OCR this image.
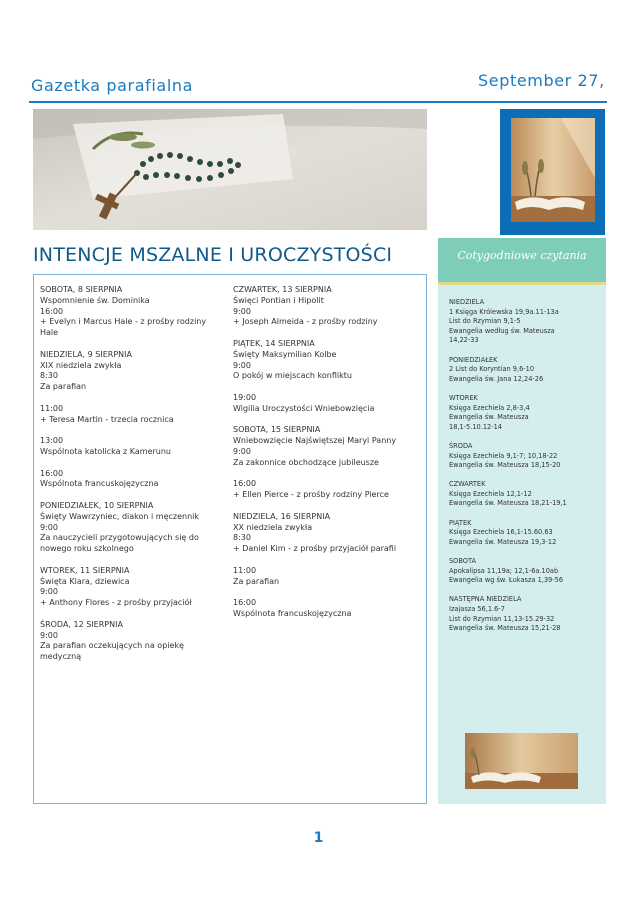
Gazetka parafialna	September 27,
INTENCJE MSZALNE I UROCZYSTOŚCI
SOBOTA, 8 SIERPNIA
Wspomnienie św. Dominika
16:00
+ Evelyn i Marcus Hale - z prośby rodziny Hale
NIEDZIELA, 9 SIERPNIA
XIX niedziela zwykła
8:30
Za parafian
11:00
+ Teresa Martin - trzecia rocznica
13:00
Wspólnota katolicka z Kamerunu
16:00
Wspólnota francuskojęzyczna
PONIEDZIAŁEK, 10 SIERPNIA
Święty Wawrzyniec, diakon i męczennik
9:00
Za nauczycieli przygotowujących się do nowego roku szkolnego
WTOREK, 11 SIERPNIA
Święta Klara, dziewica
9:00
+ Anthony Flores - z prośby przyjaciół
ŚRODA, 12 SIERPNIA
9:00
Za parafian oczekujących na opiekę medyczną
CZWARTEK, 13 SIERPNIA
Święci Pontian i Hipolit
9:00
+ Joseph Almeida - z prośby rodziny
PIĄTEK, 14 SIERPNIA
Święty Maksymilian Kolbe
9:00
O pokój w miejscach konfliktu
19:00
Wigilia Uroczystości Wniebowzięcia
SOBOTA, 15 SIERPNIA
Wniebowzięcie Najświętszej Maryi Panny
9:00
Za zakonnice obchodzące jubileusze
16:00
+ Ellen Pierce - z prośby rodziny Pierce
NIEDZIELA, 16 SIERPNIA
XX niedziela zwykła
8:30
+ Daniel Kim - z prośby przyjaciół parafii
11:00
Za parafian
16:00
Wspólnota francuskojęzyczna
Cotygodniowe czytania
NIEDZIELA
1 Księga Królewska 19,9a.11-13a
List do Rzymian 9,1-5
Ewangelia według św. Mateusza
14,22-33
PONIEDZIAŁEK
2 List do Koryntian 9,6-10
Ewangelia św. Jana 12,24-26
WTOREK
Księga Ezechiela 2,8-3,4
Ewangelia św. Mateusza
18,1-5.10.12-14
ŚRODA
Księga Ezechiela 9,1-7; 10,18-22
Ewangelia św. Mateusza 18,15-20
CZWARTEK
Księga Ezechiela 12,1-12
Ewangelia św. Mateusza 18,21-19,1
PIĄTEK
Księga Ezechiela 16,1-15.60.63
Ewangelia św. Mateusza 19,3-12
SOBOTA
Apokalipsa 11,19a; 12,1-6a.10ab
Ewangelia wg św. Łukasza 1,39-56
NASTĘPNA NIEDZIELA
Izajasza 56,1.6-7
List do Rzymian 11,13-15.29-32
Ewangelia św. Mateusza 15,21-28
1
